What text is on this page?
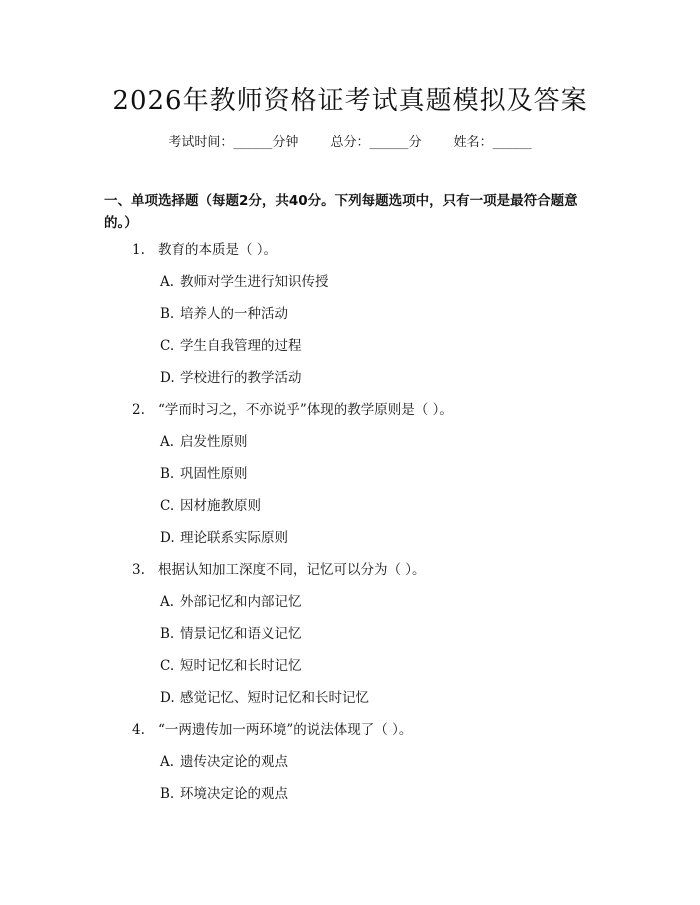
2026年教师资格证考试真题模拟及答案
考试时间：______分钟 总分：______分 姓名：______
一、单项选择题（每题2分，共40分。下列每题选项中，只有一项是最符合题意的。）
1. 教育的本质是（ ）。
A. 教师对学生进行知识传授
B. 培养人的一种活动
C. 学生自我管理的过程
D. 学校进行的教学活动
2. “学而时习之，不亦说乎”体现的教学原则是（ ）。
A. 启发性原则
B. 巩固性原则
C. 因材施教原则
D. 理论联系实际原则
3. 根据认知加工深度不同，记忆可以分为（ ）。
A. 外部记忆和内部记忆
B. 情景记忆和语义记忆
C. 短时记忆和长时记忆
D. 感觉记忆、短时记忆和长时记忆
4. “一两遗传加一两环境”的说法体现了（ ）。
A. 遗传决定论的观点
B. 环境决定论的观点
